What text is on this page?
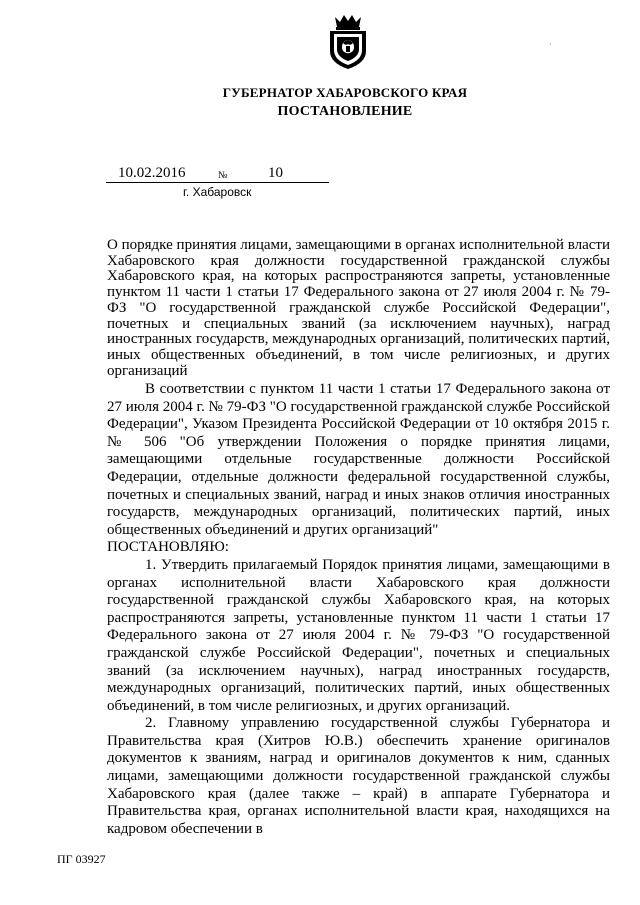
·
ГУБЕРНАТОР ХАБАРОВСКОГО КРАЯ
ПОСТАНОВЛЕНИЕ
10.02.2016	№	10
г. Хабаровск

О порядке принятия лицами, замещающими в органах исполнительной власти Хабаровского края должности государственной гражданской службы Хабаровского края, на которых распространяются запреты, установленные пунктом 11 части 1 статьи 17 Федерального закона от 27 июля 2004 г. № 79-ФЗ "О государственной гражданской службе Российской Федерации", почетных и специальных званий (за исключением научных), наград иностранных государств, международных организаций, политических партий, иных общественных объединений, в том числе религиозных, и других организаций

В соответствии с пунктом 11 части 1 статьи 17 Федерального закона от 27 июля 2004 г. № 79-ФЗ "О государственной гражданской службе Российской Федерации", Указом Президента Российской Федерации от 10 октября 2015 г. № 506 "Об утверждении Положения о порядке принятия лицами, замещающими отдельные государственные должности Российской Федерации, отдельные должности федеральной государственной службы, почетных и специальных званий, наград и иных знаков отличия иностранных государств, международных организаций, политических партий, иных общественных объединений и других организаций"

ПОСТАНОВЛЯЮ:

1. Утвердить прилагаемый Порядок принятия лицами, замещающими в органах исполнительной власти Хабаровского края должности государственной гражданской службы Хабаровского края, на которых распространяются запреты, установленные пунктом 11 части 1 статьи 17 Федерального закона от 27 июля 2004 г. № 79-ФЗ "О государственной гражданской службе Российской Федерации", почетных и специальных званий (за исключением научных), наград иностранных государств, международных организаций, политических партий, иных общественных объединений, в том числе религиозных, и других организаций.

2. Главному управлению государственной службы Губернатора и Правительства края (Хитров Ю.В.) обеспечить хранение оригиналов документов к званиям, наград и оригиналов документов к ним, сданных лицами, замещающими должности государственной гражданской службы Хабаровского края (далее также – край) в аппарате Губернатора и Правительства края, органах исполнительной власти края, находящихся на кадровом обеспечении в

ПГ 03927
